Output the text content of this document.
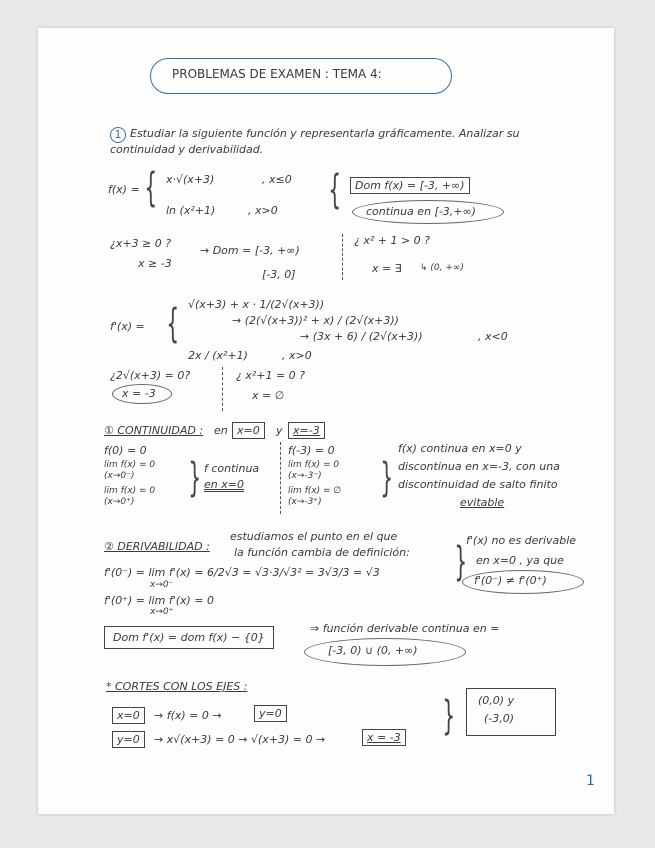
PROBLEMAS DE EXAMEN : TEMA 4:
1 Estudiar la siguiente función y representarla gráficamente. Analizar su
continuidad y derivabilidad.
f(x) = { x·√(x+3)	, x≤0
ln (x²+1)	, x>0 {	Dom f(x) = [-3, +∞)
continua en [-3,+∞)
¿x+3 ≥ 0 ?
x ≥ -3
→ Dom = [-3, +∞)
[-3, 0]
¿ x² + 1 > 0 ?
x = ∃ ↳ (0, +∞)
f'(x) = { √(x+3) + x · 1/(2√(x+3))
→ (2(√(x+3))² + x) / (2√(x+3))
→ (3x + 6) / (2√(x+3))	, x<0
2x / (x²+1)	, x>0
¿2√(x+3) = 0?
x = -3
¿ x²+1 = 0 ?
x = ∅
① CONTINUIDAD : en x=0	y x=-3
f(0) = 0
lim f(x) = 0 (x→0⁻)
lim f(x) = 0 (x→0⁺)
} f continua
en x=0
f(-3) = 0
lim f(x) = 0 (x→-3⁻)
lim f(x) = ∅ (x→-3⁺)
}
f(x) continua en x=0 y
discontinua en x=-3, con una
discontinuidad de salto finito
evitable
② DERIVABILIDAD :
estudiamos el punto en el que
la función cambia de definición:
f'(0⁻) = lim f'(x) = 6/2√3 = √3·3/√3² = 3√3/3 = √3
x→0⁻
f'(0⁺) = lim f'(x) = 0
x→0⁺
}
f'(x) no es derivable
en x=0 , ya que
f'(0⁻) ≠ f'(0⁺)
Dom f'(x) = dom f(x) − {0}
⇒ función derivable continua en =
[-3, 0) ∪ (0, +∞)
* CORTES CON LOS EJES :
x=0	→ f(x) = 0 →	y=0
y=0	→ x√(x+3) = 0 → √(x+3) = 0 →	x = -3 } (0,0) y
(-3,0)
1
